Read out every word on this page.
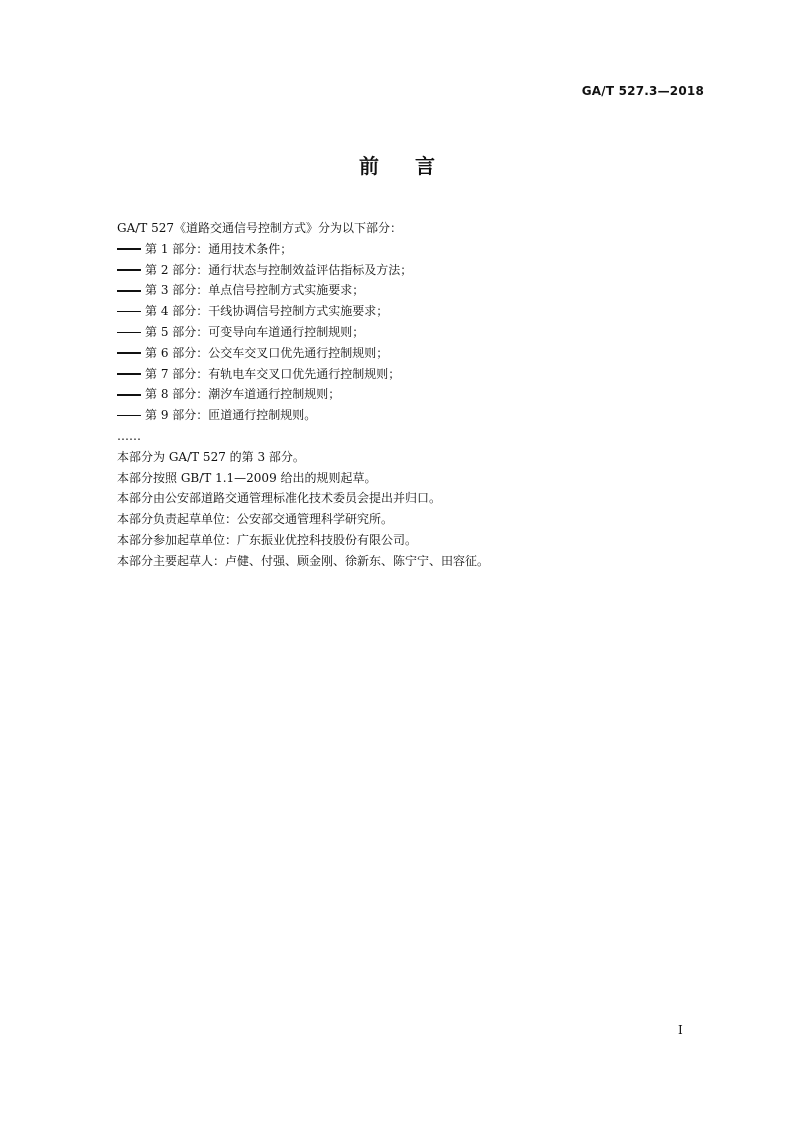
GA/T 527.3—2018
前言
GA/T 527《道路交通信号控制方式》分为以下部分：
第 1 部分：通用技术条件；
第 2 部分：通行状态与控制效益评估指标及方法；
第 3 部分：单点信号控制方式实施要求；
第 4 部分：干线协调信号控制方式实施要求；
第 5 部分：可变导向车道通行控制规则；
第 6 部分：公交车交叉口优先通行控制规则；
第 7 部分：有轨电车交叉口优先通行控制规则；
第 8 部分：潮汐车道通行控制规则；
第 9 部分：匝道通行控制规则。
……
本部分为 GA/T 527 的第 3 部分。
本部分按照 GB/T 1.1—2009 给出的规则起草。
本部分由公安部道路交通管理标准化技术委员会提出并归口。
本部分负责起草单位：公安部交通管理科学研究所。
本部分参加起草单位：广东振业优控科技股份有限公司。
本部分主要起草人：卢健、付强、顾金刚、徐新东、陈宁宁、田容征。
I
